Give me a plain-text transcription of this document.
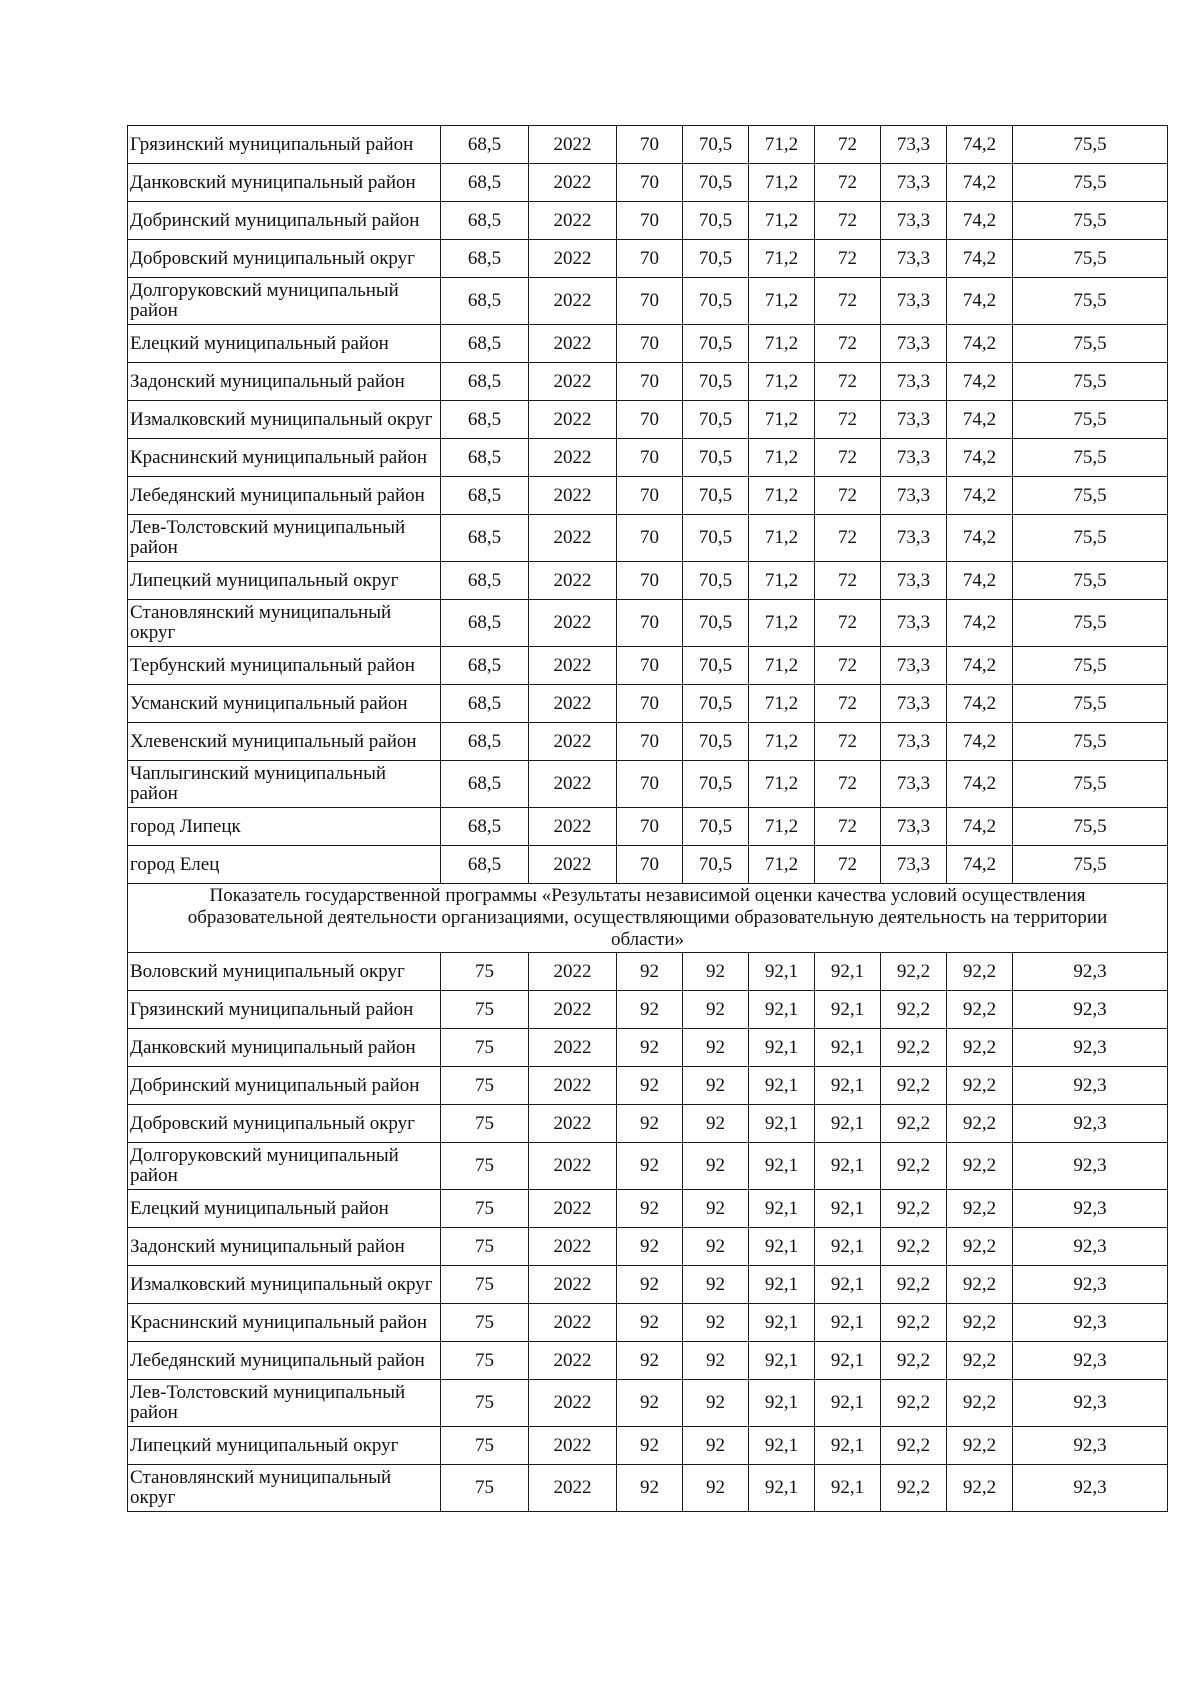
Грязинский муниципальный район	68,5	2022	70	70,5	71,2	72	73,3	74,2	75,5
Данковский муниципальный район	68,5	2022	70	70,5	71,2	72	73,3	74,2	75,5
Добринский муниципальный район	68,5	2022	70	70,5	71,2	72	73,3	74,2	75,5
Добровский муниципальный округ	68,5	2022	70	70,5	71,2	72	73,3	74,2	75,5
Долгоруковский муниципальный район	68,5	2022	70	70,5	71,2	72	73,3	74,2	75,5
Елецкий муниципальный район	68,5	2022	70	70,5	71,2	72	73,3	74,2	75,5
Задонский муниципальный район	68,5	2022	70	70,5	71,2	72	73,3	74,2	75,5
Измалковский муниципальный округ	68,5	2022	70	70,5	71,2	72	73,3	74,2	75,5
Краснинский муниципальный район	68,5	2022	70	70,5	71,2	72	73,3	74,2	75,5
Лебедянский муниципальный район	68,5	2022	70	70,5	71,2	72	73,3	74,2	75,5
Лев-Толстовский муниципальный район	68,5	2022	70	70,5	71,2	72	73,3	74,2	75,5
Липецкий муниципальный округ	68,5	2022	70	70,5	71,2	72	73,3	74,2	75,5
Становлянский муниципальный округ	68,5	2022	70	70,5	71,2	72	73,3	74,2	75,5
Тербунский муниципальный район	68,5	2022	70	70,5	71,2	72	73,3	74,2	75,5
Усманский муниципальный район	68,5	2022	70	70,5	71,2	72	73,3	74,2	75,5
Хлевенский муниципальный район	68,5	2022	70	70,5	71,2	72	73,3	74,2	75,5
Чаплыгинский муниципальный район	68,5	2022	70	70,5	71,2	72	73,3	74,2	75,5
город Липецк	68,5	2022	70	70,5	71,2	72	73,3	74,2	75,5
город Елец	68,5	2022	70	70,5	71,2	72	73,3	74,2	75,5
Показатель государственной программы «Результаты независимой оценки качества условий осуществления образовательной деятельности организациями, осуществляющими образовательную деятельность на территории области»									
Воловский муниципальный округ	75	2022	92	92	92,1	92,1	92,2	92,2	92,3
Грязинский муниципальный район	75	2022	92	92	92,1	92,1	92,2	92,2	92,3
Данковский муниципальный район	75	2022	92	92	92,1	92,1	92,2	92,2	92,3
Добринский муниципальный район	75	2022	92	92	92,1	92,1	92,2	92,2	92,3
Добровский муниципальный округ	75	2022	92	92	92,1	92,1	92,2	92,2	92,3
Долгоруковский муниципальный район	75	2022	92	92	92,1	92,1	92,2	92,2	92,3
Елецкий муниципальный район	75	2022	92	92	92,1	92,1	92,2	92,2	92,3
Задонский муниципальный район	75	2022	92	92	92,1	92,1	92,2	92,2	92,3
Измалковский муниципальный округ	75	2022	92	92	92,1	92,1	92,2	92,2	92,3
Краснинский муниципальный район	75	2022	92	92	92,1	92,1	92,2	92,2	92,3
Лебедянский муниципальный район	75	2022	92	92	92,1	92,1	92,2	92,2	92,3
Лев-Толстовский муниципальный район	75	2022	92	92	92,1	92,1	92,2	92,2	92,3
Липецкий муниципальный округ	75	2022	92	92	92,1	92,1	92,2	92,2	92,3
Становлянский муниципальный округ	75	2022	92	92	92,1	92,1	92,2	92,2	92,3
